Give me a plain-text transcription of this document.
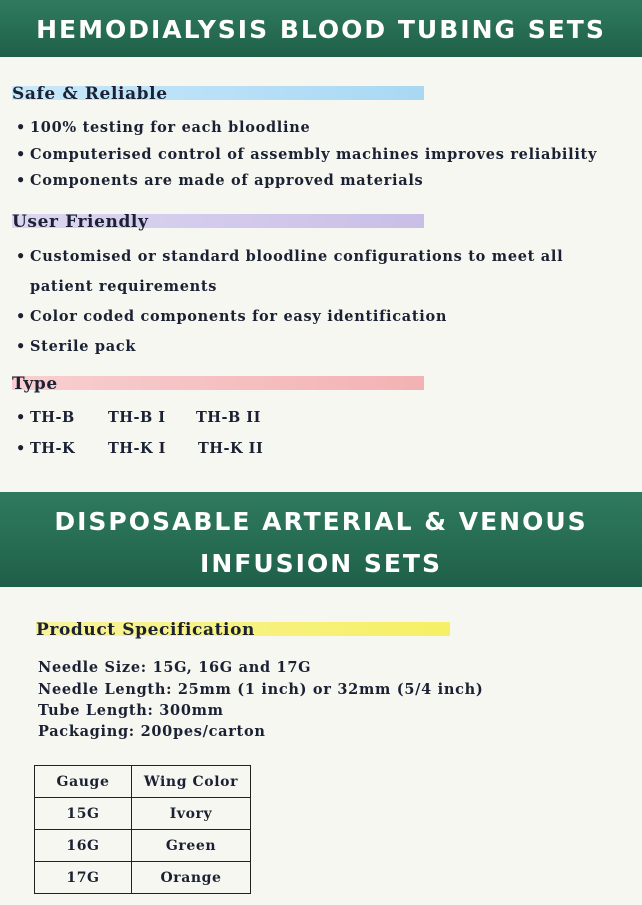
HEMODIALYSIS BLOOD TUBING SETS
Safe & Reliable
• 100% testing for each bloodline
• Computerised control of assembly machines improves reliability
• Components are made of approved materials
User Friendly
• Customised or standard bloodline configurations to meet all
patient requirements
• Color coded components for easy identification
• Sterile pack
Type
• TH-B TH-B I TH-B II
• TH-K TH-K I TH-K II
DISPOSABLE ARTERIAL & VENOUS
INFUSION SETS
Product Specification
Needle Size: 15G, 16G and 17G
Needle Length: 25mm (1 inch) or 32mm (5/4 inch)
Tube Length: 300mm
Packaging: 200pes/carton
Gauge	Wing Color
15G	Ivory
16G	Green
17G	Orange
